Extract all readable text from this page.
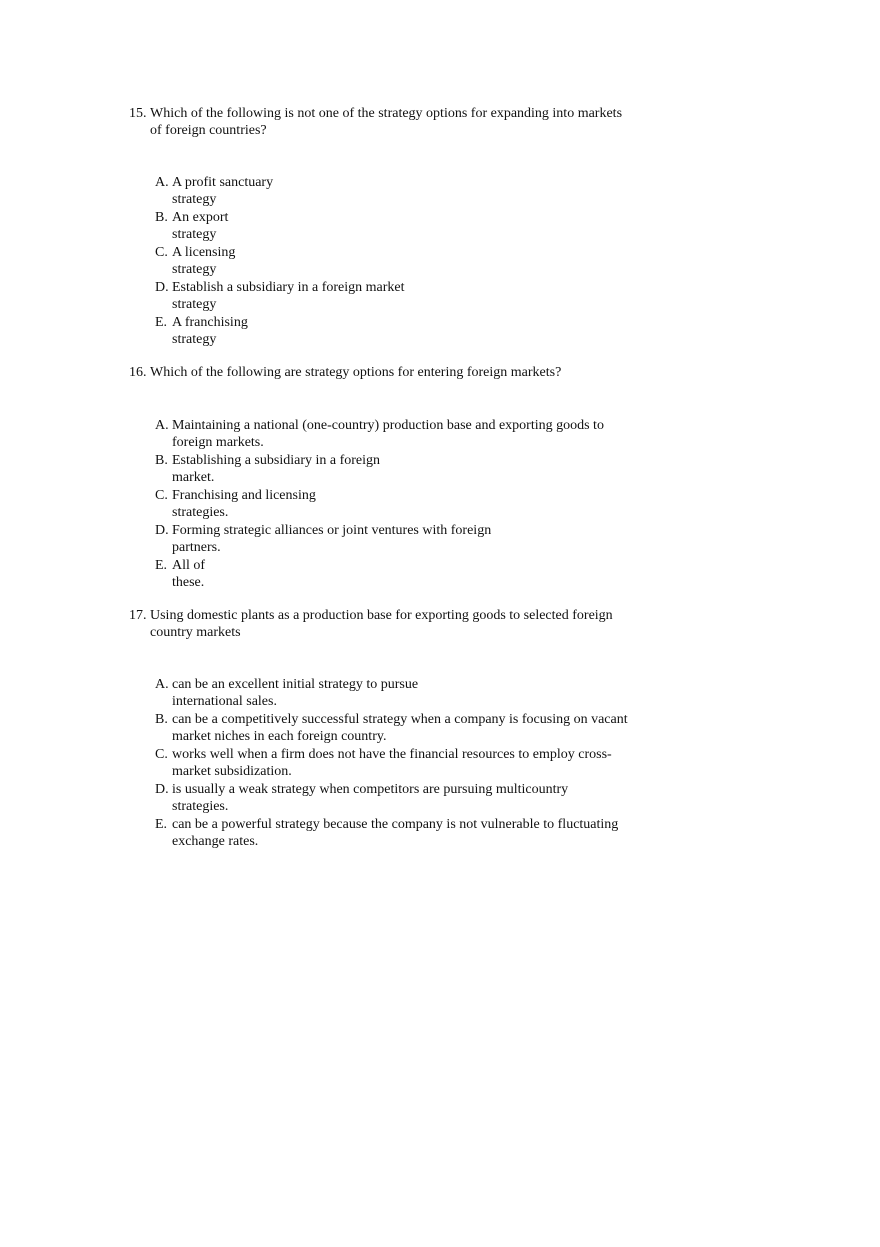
15. Which of the following is not one of the strategy options for expanding into markets
of foreign countries?
A. A profit sanctuary
strategy
B. An export
strategy
C. A licensing
strategy
D. Establish a subsidiary in a foreign market
strategy
E. A franchising
strategy
16. Which of the following are strategy options for entering foreign markets?
A. Maintaining a national (one-country) production base and exporting goods to
foreign markets.
B. Establishing a subsidiary in a foreign
market.
C. Franchising and licensing
strategies.
D. Forming strategic alliances or joint ventures with foreign
partners.
E. All of
these.
17. Using domestic plants as a production base for exporting goods to selected foreign
country markets
A. can be an excellent initial strategy to pursue
international sales.
B. can be a competitively successful strategy when a company is focusing on vacant
market niches in each foreign country.
C. works well when a firm does not have the financial resources to employ cross-
market subsidization.
D. is usually a weak strategy when competitors are pursuing multicountry
strategies.
E. can be a powerful strategy because the company is not vulnerable to fluctuating
exchange rates.
